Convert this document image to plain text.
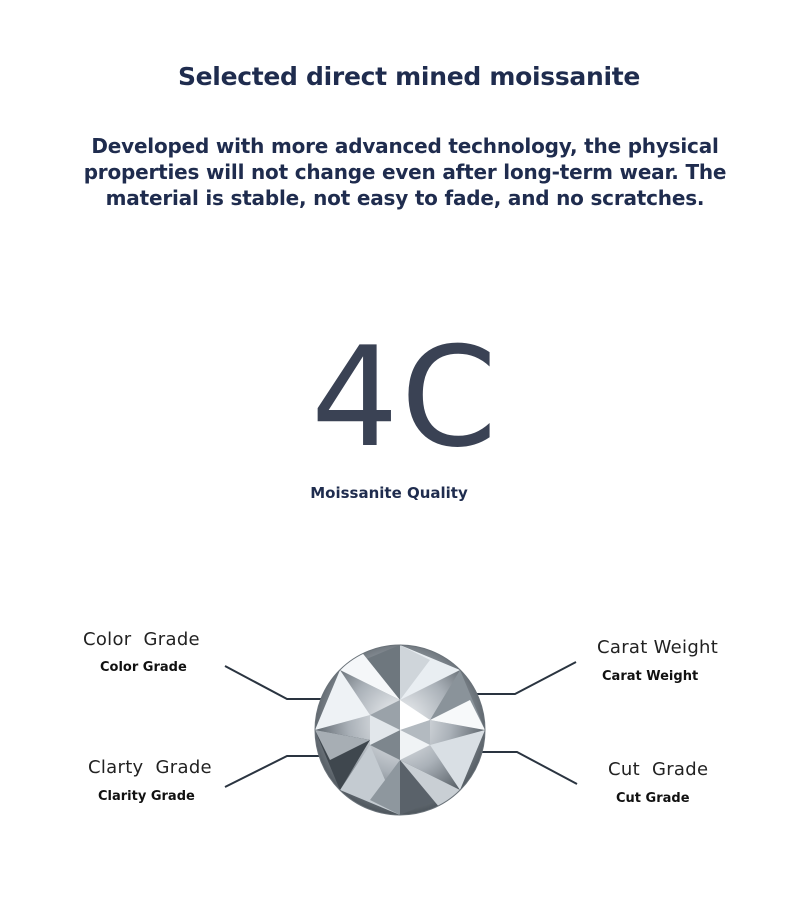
Selected direct mined moissanite
Developed with more advanced technology, the physical properties will not change even after long-term wear. The material is stable, not easy to fade, and no scratches.
4C
Moissanite Quality
Color  Grade
Color Grade
Carat Weight
Carat Weight
Clarty  Grade
Clarity Grade
Cut  Grade
Cut Grade
